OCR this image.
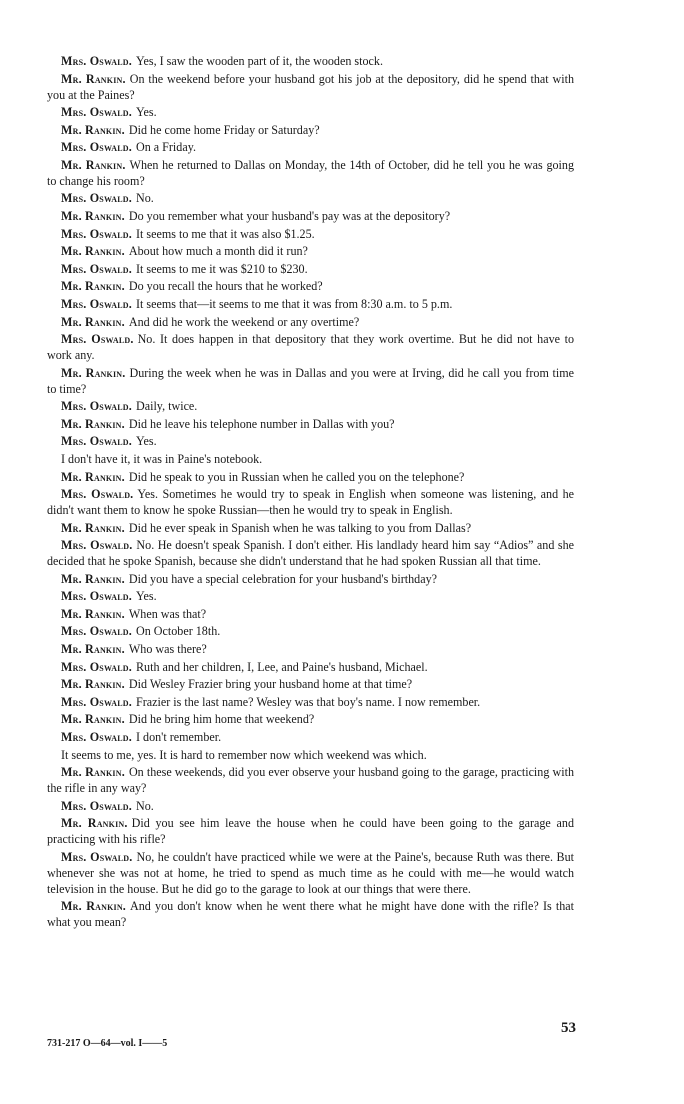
Mrs. Oswald. Yes, I saw the wooden part of it, the wooden stock.

Mr. Rankin. On the weekend before your husband got his job at the depository, did he spend that with you at the Paines?

Mrs. Oswald. Yes.

Mr. Rankin. Did he come home Friday or Saturday?

Mrs. Oswald. On a Friday.

Mr. Rankin. When he returned to Dallas on Monday, the 14th of October, did he tell you he was going to change his room?

Mrs. Oswald. No.

Mr. Rankin. Do you remember what your husband's pay was at the depository?

Mrs. Oswald. It seems to me that it was also $1.25.

Mr. Rankin. About how much a month did it run?

Mrs. Oswald. It seems to me it was $210 to $230.

Mr. Rankin. Do you recall the hours that he worked?

Mrs. Oswald. It seems that—it seems to me that it was from 8:30 a.m. to 5 p.m.

Mr. Rankin. And did he work the weekend or any overtime?

Mrs. Oswald. No. It does happen in that depository that they work overtime. But he did not have to work any.

Mr. Rankin. During the week when he was in Dallas and you were at Irving, did he call you from time to time?

Mrs. Oswald. Daily, twice.

Mr. Rankin. Did he leave his telephone number in Dallas with you?

Mrs. Oswald. Yes.

I don't have it, it was in Paine's notebook.

Mr. Rankin. Did he speak to you in Russian when he called you on the telephone?

Mrs. Oswald. Yes. Sometimes he would try to speak in English when someone was listening, and he didn't want them to know he spoke Russian—then he would try to speak in English.

Mr. Rankin. Did he ever speak in Spanish when he was talking to you from Dallas?

Mrs. Oswald. No. He doesn't speak Spanish. I don't either. His landlady heard him say “Adios” and she decided that he spoke Spanish, because she didn't understand that he had spoken Russian all that time.

Mr. Rankin. Did you have a special celebration for your husband's birthday?

Mrs. Oswald. Yes.

Mr. Rankin. When was that?

Mrs. Oswald. On October 18th.

Mr. Rankin. Who was there?

Mrs. Oswald. Ruth and her children, I, Lee, and Paine's husband, Michael.

Mr. Rankin. Did Wesley Frazier bring your husband home at that time?

Mrs. Oswald. Frazier is the last name? Wesley was that boy's name. I now remember.

Mr. Rankin. Did he bring him home that weekend?

Mrs. Oswald. I don't remember.

It seems to me, yes. It is hard to remember now which weekend was which.

Mr. Rankin. On these weekends, did you ever observe your husband going to the garage, practicing with the rifle in any way?

Mrs. Oswald. No.

Mr. Rankin. Did you see him leave the house when he could have been going to the garage and practicing with his rifle?

Mrs. Oswald. No, he couldn't have practiced while we were at the Paine's, because Ruth was there. But whenever she was not at home, he tried to spend as much time as he could with me—he would watch television in the house. But he did go to the garage to look at our things that were there.

Mr. Rankin. And you don't know when he went there what he might have done with the rifle? Is that what you mean?

53
731-217 O—64—vol. I——5
